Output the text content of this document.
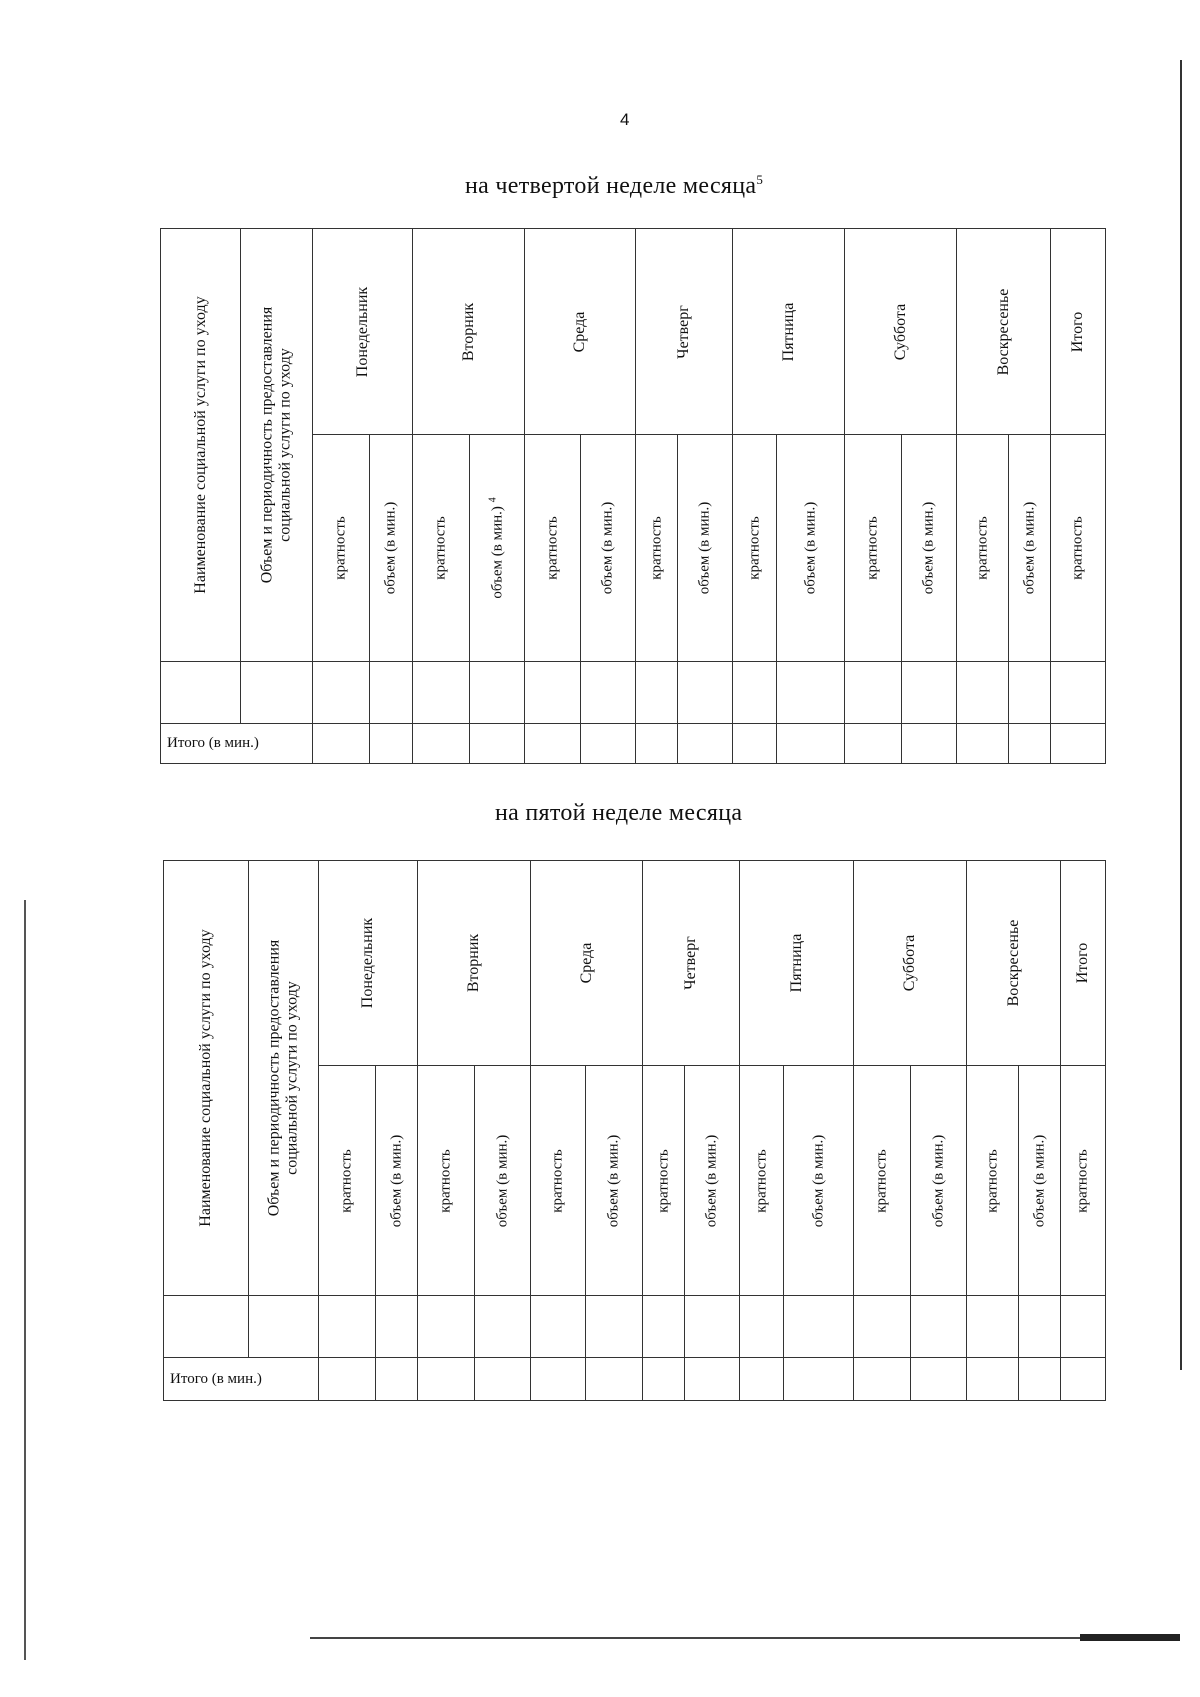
4
на четвертой неделе месяца$^5$
Наименование социальной услуги по уходу	Объем и периодичность предоставления социальной услуги по уходу	Понедельник		Вторник		Среда		Четверг		Пятница		Суббота		Воскресенье		Итого

		кратность	объем (в мин.)	кратность	объем (в мин.) $^4$	кратность	объем (в мин.)	кратность	объем (в мин.)	кратность	объем (в мин.)	кратность	объем (в мин.)	кратность	объем (в мин.)	кратность

Итого (в мин.)																
на пятой неделе месяца
Наименование социальной услуги по уходу	Объем и периодичность предоставления социальной услуги по уходу	Понедельник		Вторник		Среда		Четверг		Пятница		Суббота		Воскресенье		Итого

		кратность	объем (в мин.)	кратность	объем (в мин.)	кратность	объем (в мин.)	кратность	объем (в мин.)	кратность	объем (в мин.)	кратность	объем (в мин.)	кратность	объем (в мин.)	кратность

Итого (в мин.)																
